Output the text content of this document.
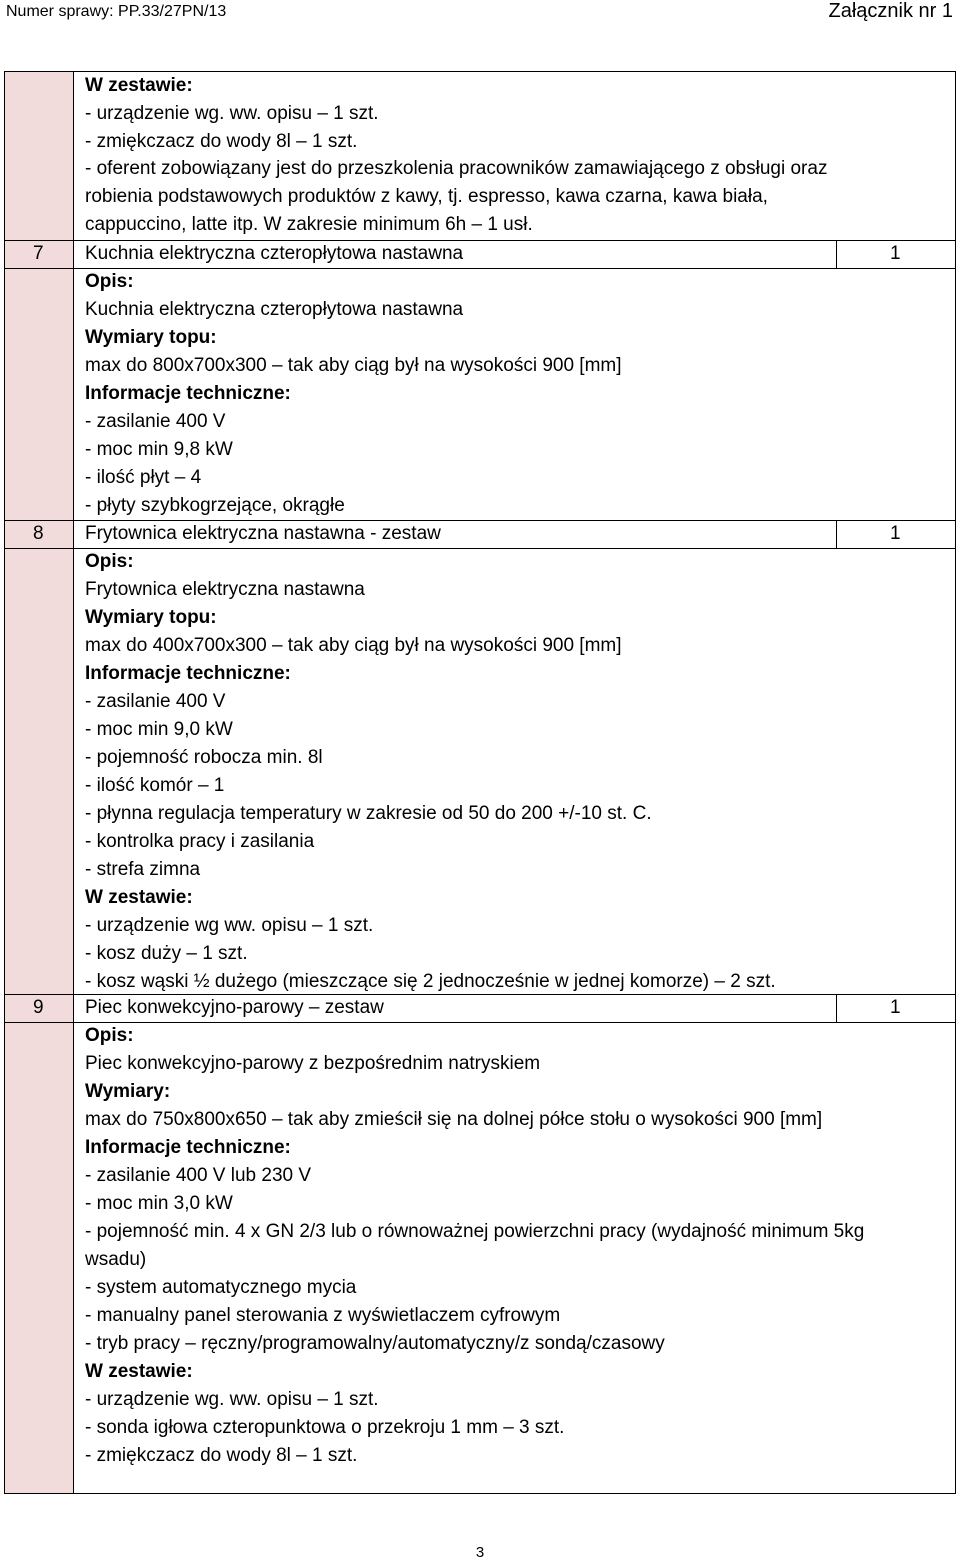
Numer sprawy: PP.33/27PN/13	Załącznik nr 1
W zestawie:
- urządzenie wg. ww. opisu – 1 szt.
- zmiękczacz do wody 8l – 1 szt.
- oferent zobowiązany jest do przeszkolenia pracowników zamawiającego z obsługi oraz
robienia podstawowych produktów z kawy, tj. espresso, kawa czarna, kawa biała,
cappuccino, latte itp. W zakresie minimum 6h – 1 usł.
7 Kuchnia elektryczna czteropłytowa nastawna	1
Opis:
Kuchnia elektryczna czteropłytowa nastawna
Wymiary topu:
max do 800x700x300 – tak aby ciąg był na wysokości 900 [mm]
Informacje techniczne:
- zasilanie 400 V
- moc min 9,8 kW
- ilość płyt – 4
- płyty szybkogrzejące, okrągłe
8 Frytownica elektryczna nastawna - zestaw	1
Opis:
Frytownica elektryczna nastawna
Wymiary topu:
max do 400x700x300 – tak aby ciąg był na wysokości 900 [mm]
Informacje techniczne:
- zasilanie 400 V
- moc min 9,0 kW
- pojemność robocza min. 8l
- ilość komór – 1
- płynna regulacja temperatury w zakresie od 50 do 200 +/-10 st. C.
- kontrolka pracy i zasilania
- strefa zimna
W zestawie:
- urządzenie wg ww. opisu – 1 szt.
- kosz duży – 1 szt.
- kosz wąski ½ dużego (mieszczące się 2 jednocześnie w jednej komorze) – 2 szt.
9 Piec konwekcyjno-parowy – zestaw	1
Opis:
Piec konwekcyjno-parowy z bezpośrednim natryskiem
Wymiary:
max do 750x800x650 – tak aby zmieścił się na dolnej półce stołu o wysokości 900 [mm]
Informacje techniczne:
- zasilanie 400 V lub 230 V
- moc min 3,0 kW
- pojemność min. 4 x GN 2/3 lub o równoważnej powierzchni pracy (wydajność minimum 5kg
wsadu)
- system automatycznego mycia
- manualny panel sterowania z wyświetlaczem cyfrowym
- tryb pracy – ręczny/programowalny/automatyczny/z sondą/czasowy
W zestawie:
- urządzenie wg. ww. opisu – 1 szt.
- sonda igłowa czteropunktowa o przekroju 1 mm – 3 szt.
- zmiękczacz do wody 8l – 1 szt.
3
